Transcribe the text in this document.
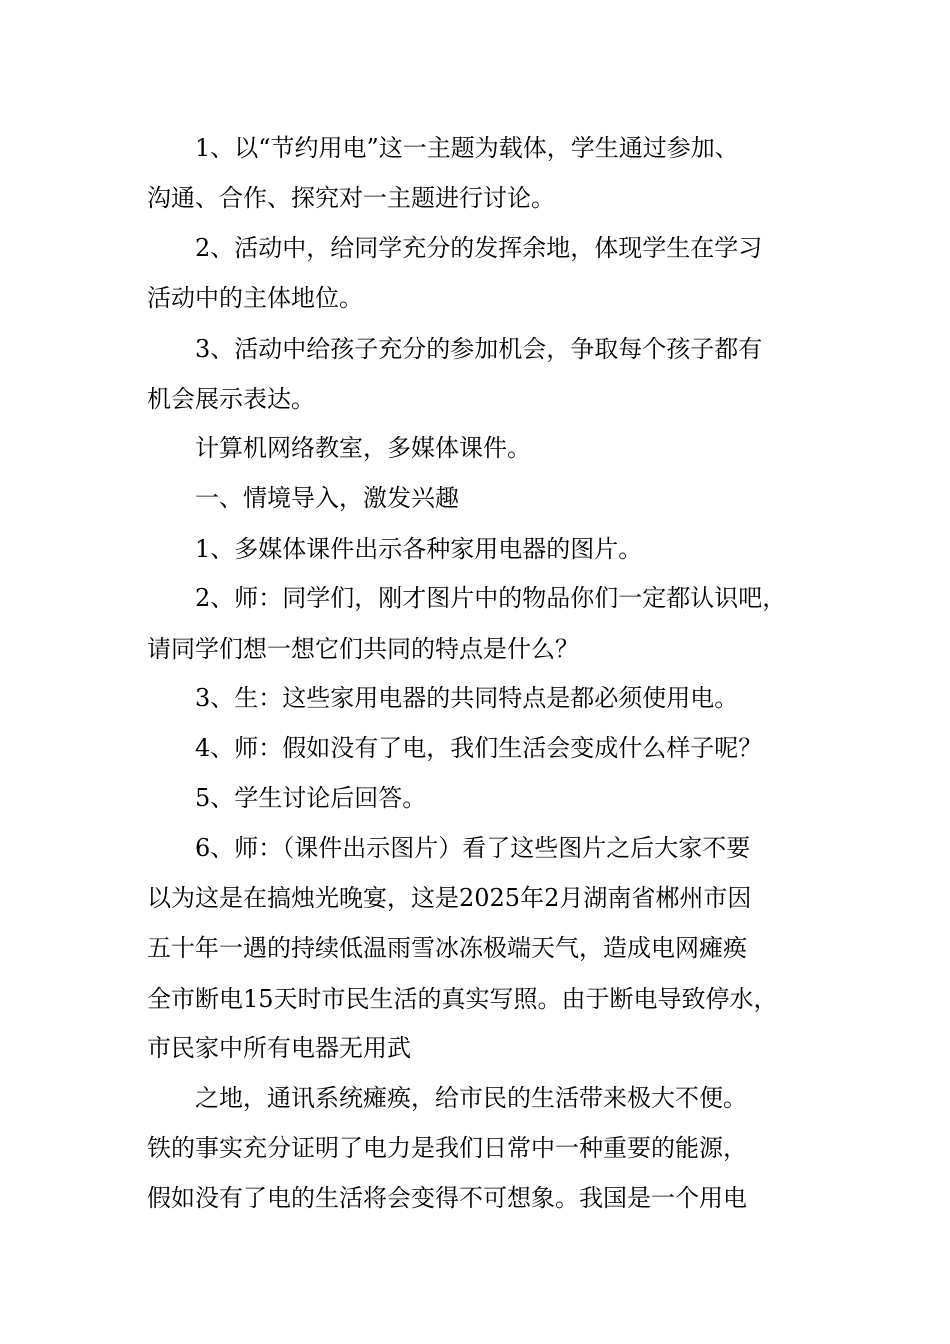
1、以“节约用电”这一主题为载体，学生通过参加、
沟通、合作、探究对一主题进行讨论。
2、活动中，给同学充分的发挥余地，体现学生在学习
活动中的主体地位。
3、活动中给孩子充分的参加机会，争取每个孩子都有
机会展示表达。
计算机网络教室，多媒体课件。
一、情境导入，激发兴趣
1、多媒体课件出示各种家用电器的图片。
2、师：同学们，刚才图片中的物品你们一定都认识吧，
请同学们想一想它们共同的特点是什么？
3、生：这些家用电器的共同特点是都必须使用电。
4、师：假如没有了电，我们生活会变成什么样子呢？
5、学生讨论后回答。
6、师：（课件出示图片）看了这些图片之后大家不要
以为这是在搞烛光晚宴，这是2025年2月湖南省郴州市因
五十年一遇的持续低温雨雪冰冻极端天气，造成电网瘫痪
全市断电15天时市民生活的真实写照。由于断电导致停水，
市民家中所有电器无用武
之地，通讯系统瘫痪，给市民的生活带来极大不便。
铁的事实充分证明了电力是我们日常中一种重要的能源，
假如没有了电的生活将会变得不可想象。我国是一个用电
